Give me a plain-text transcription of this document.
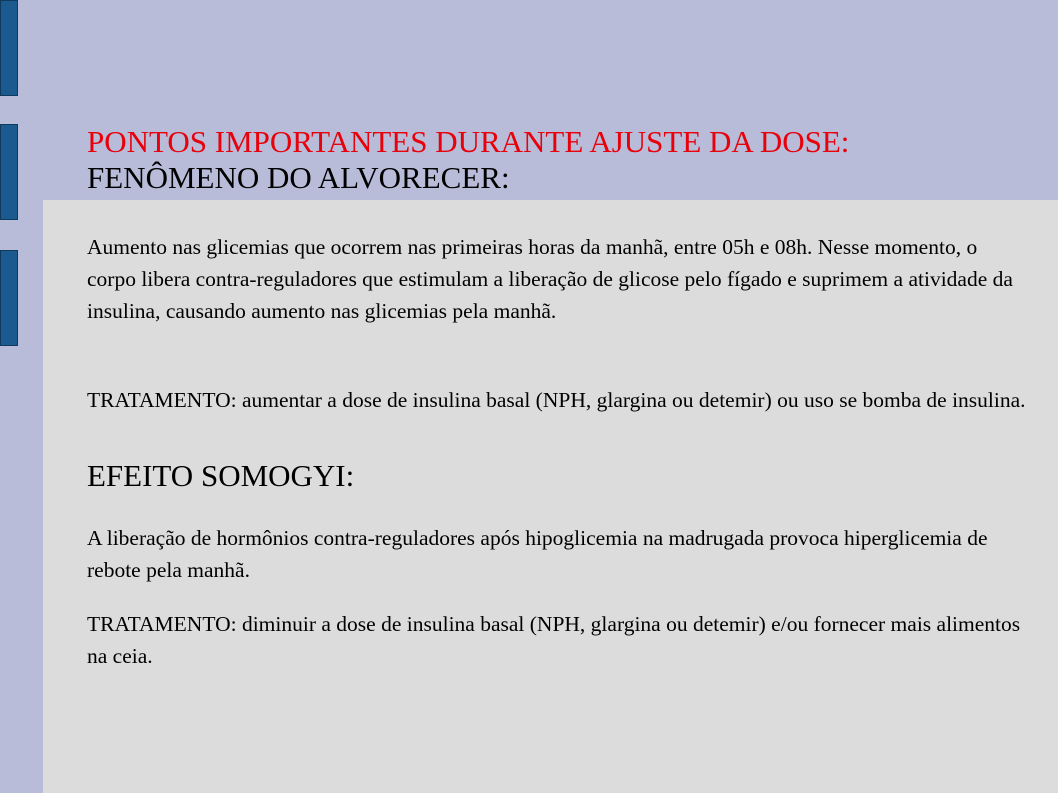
PONTOS IMPORTANTES DURANTE AJUSTE DA DOSE:
FENÔMENO DO ALVORECER:

Aumento nas glicemias que ocorrem nas primeiras horas da manhã, entre 05h e 08h. Nesse momento, o corpo libera contra-reguladores que estimulam a liberação de glicose pelo fígado e suprimem a atividade da insulina, causando aumento nas glicemias pela manhã.

TRATAMENTO: aumentar a dose de insulina basal (NPH, glargina ou detemir) ou uso se bomba de insulina.

EFEITO SOMOGYI:

A liberação de hormônios contra-reguladores após hipoglicemia na madrugada provoca hiperglicemia de rebote pela manhã.

TRATAMENTO: diminuir a dose de insulina basal (NPH, glargina ou detemir) e/ou fornecer mais alimentos na ceia.
